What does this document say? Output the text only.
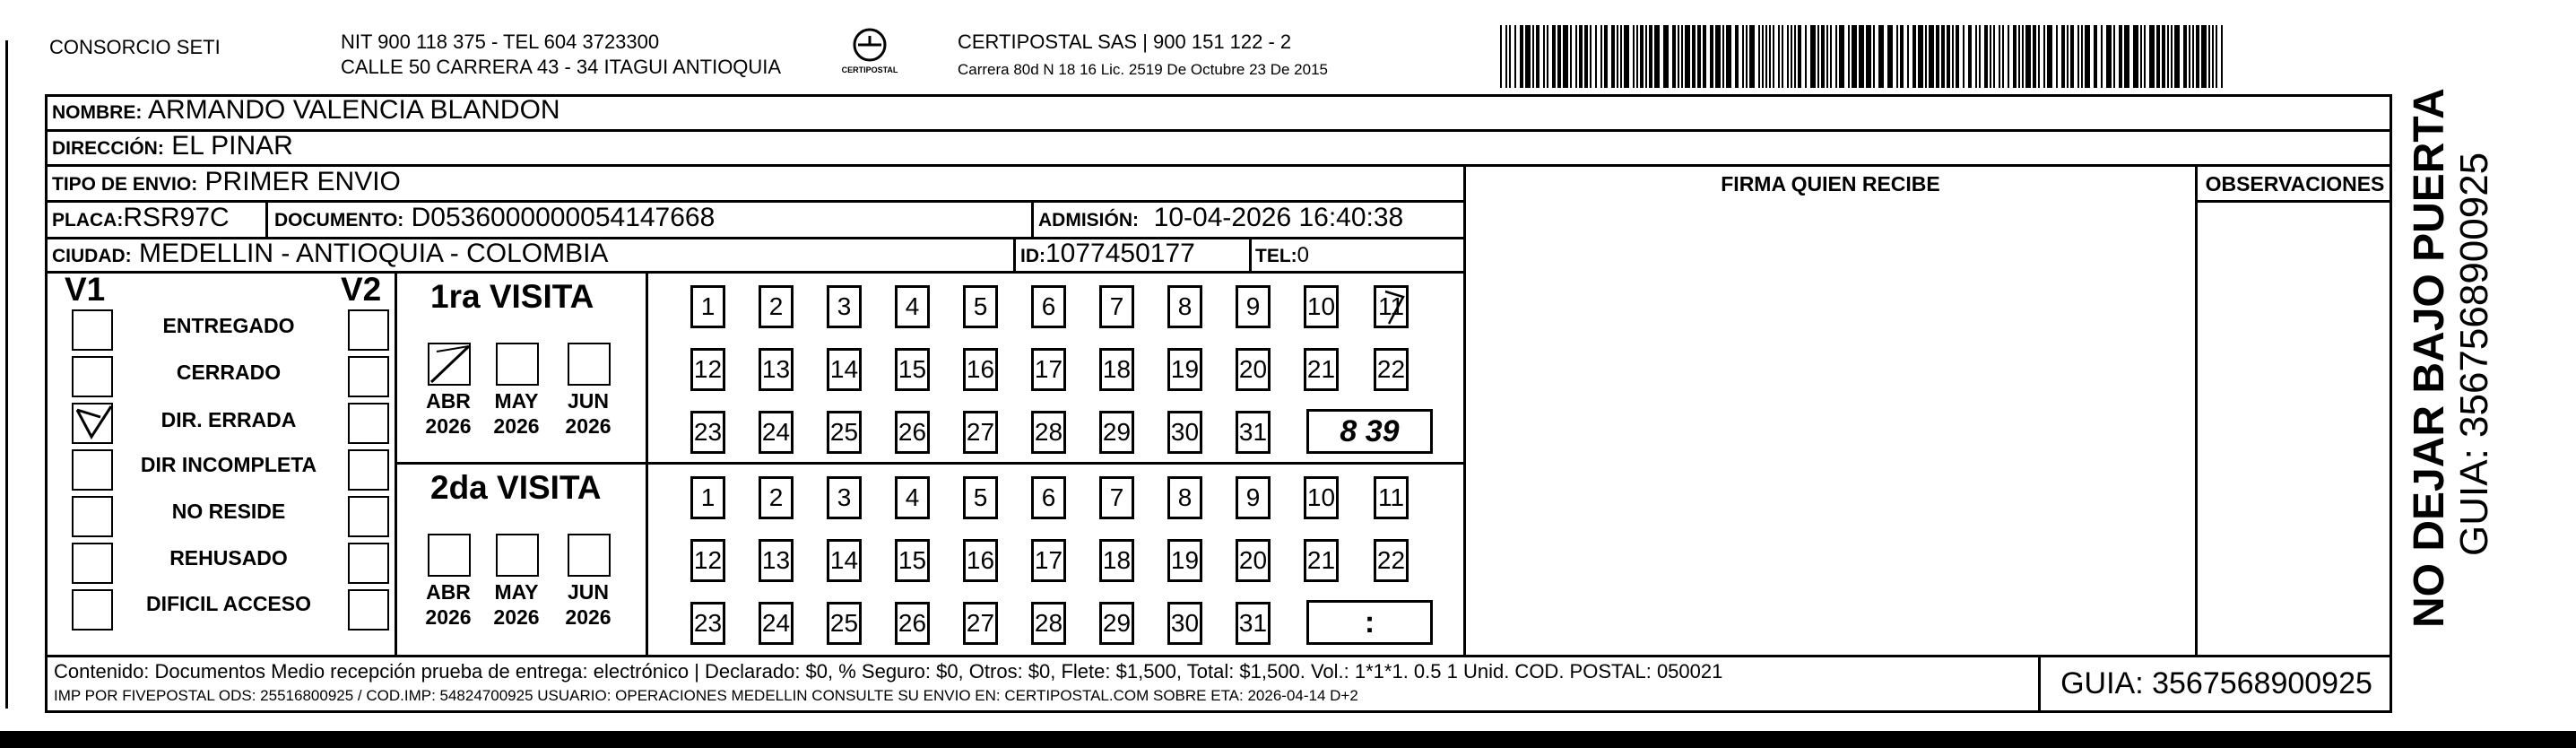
CONSORCIO SETI	NIT 900 118 375 - TEL 604 3723300
CALLE 50 CARRERA 43 - 34 ITAGUI ANTIOQUIA	CERTIPOSTAL
CERTIPOSTAL SAS | 900 151 122 - 2
Carrera 80d N 18 16 Lic. 2519 De Octubre 23 De 2015
NOMBRE: ARMANDO VALENCIA BLANDON
DIRECCIÓN: EL PINAR
TIPO DE ENVIO: PRIMER ENVIO
PLACA:RSR97C DOCUMENTO: D0536000000054147668	ADMISIÓN: 10-04-2026 16:40:38
CIUDAD: MEDELLIN - ANTIOQUIA - COLOMBIA	ID:1077450177	TEL:0
FIRMA QUIEN RECIBE	OBSERVACIONES
V1	V2
ENTREGADO
CERRADO
DIR. ERRADA
DIR INCOMPLETA
NO RESIDE
REHUSADO
DIFICIL ACCESO
1ra VISITA
ABR
2026
MAY
2026
JUN
2026
1	2	3	4	5	6	7	8	9	10 11
12 13 14 15 16 17 18 19 20 21 22
23 24 25 26 27 28 29 30 31	8 39
2da VISITA
ABR
2026
MAY
2026
JUN
2026
1	2	3	4	5	6	7	8	9	10 11
12 13 14 15 16 17 18 19 20 21 22
23 24 25 26 27 28 29 30 31	:
Contenido: Documentos Medio recepción prueba de entrega: electrónico | Declarado: $0, % Seguro: $0, Otros: $0, Flete: $1,500, Total: $1,500. Vol.: 1*1*1. 0.5 1 Unid. COD. POSTAL: 050021
IMP POR FIVEPOSTAL ODS: 25516800925 / COD.IMP: 54824700925 USUARIO: OPERACIONES MEDELLIN CONSULTE SU ENVIO EN: CERTIPOSTAL.COM SOBRE ETA: 2026-04-14 D+2	GUIA: 3567568900925
NO DEJAR BAJO PUERTA GUIA: 3567568900925
